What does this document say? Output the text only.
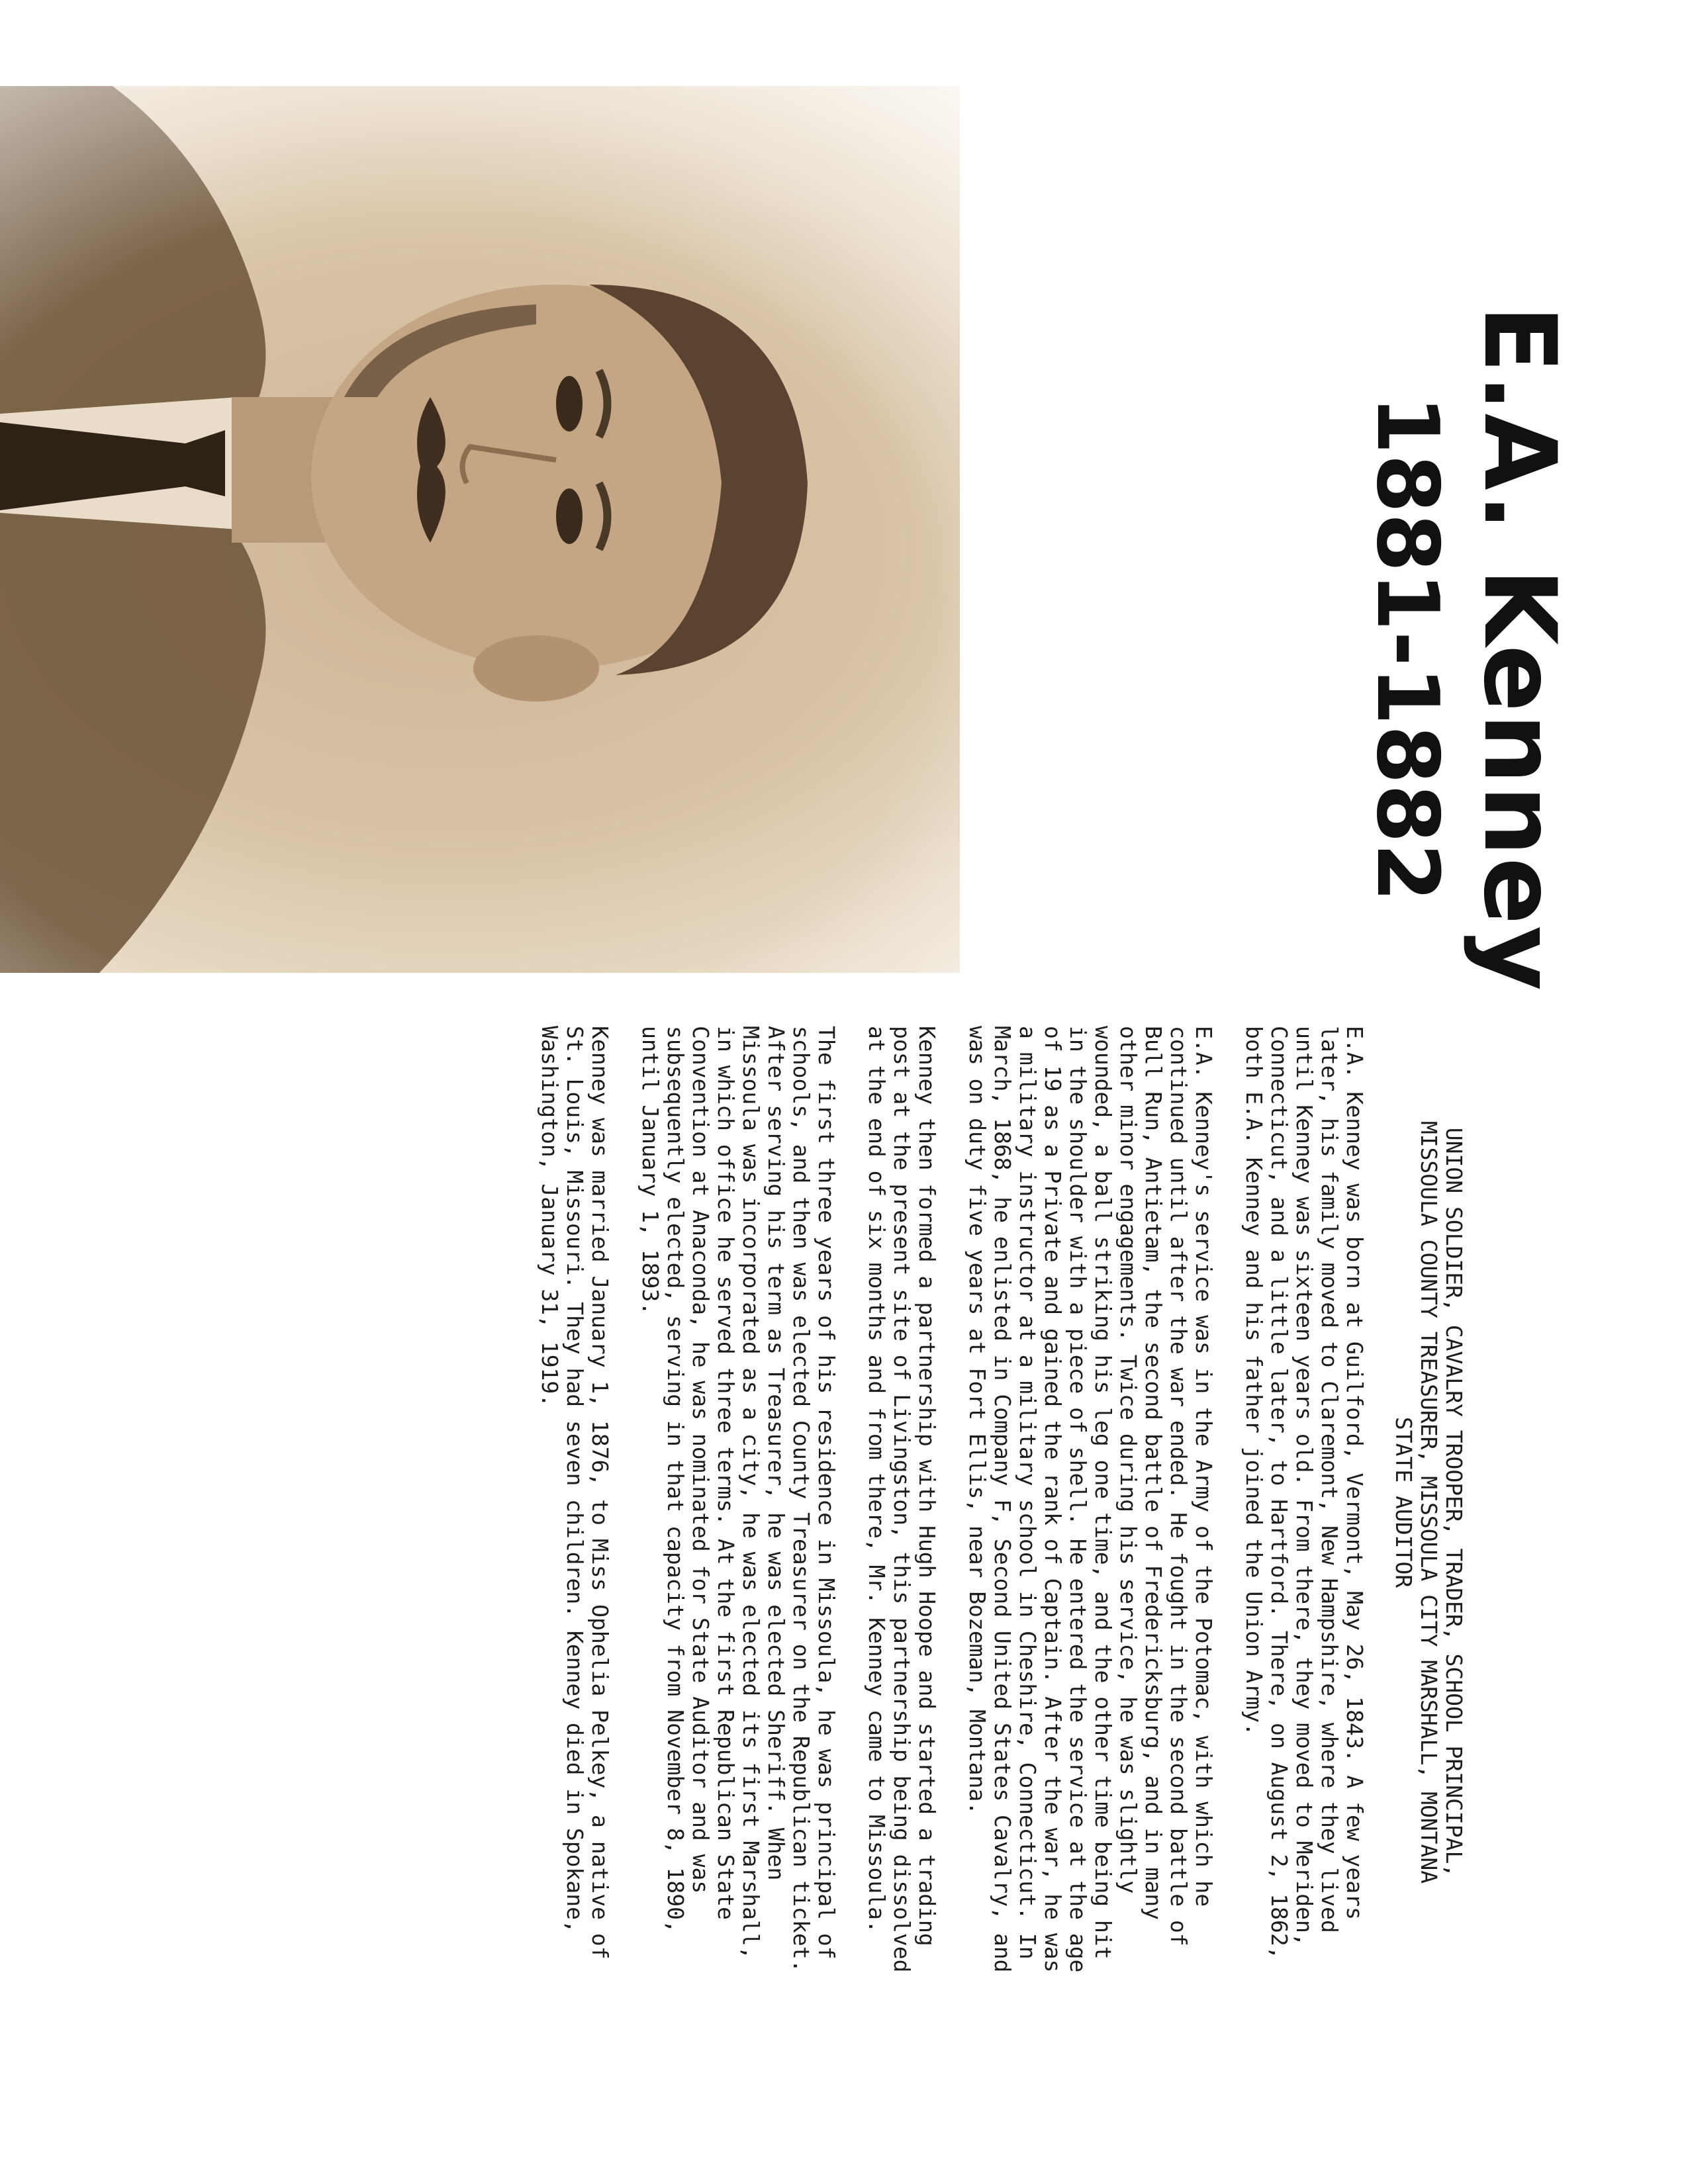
E.A. Kenney
1881-1882
UNION SOLDIER, CAVALRY TROOPER, TRADER, SCHOOL PRINCIPAL,
MISSOULA COUNTY TREASURER, MISSOULA CITY MARSHALL, MONTANA
STATE AUDITOR

E.A. Kenney was born at Guilford, Vermont, May 26, 1843. A few years later, his family moved to Claremont, New Hampshire, where they lived until Kenney was sixteen years old. From there, they moved to Meriden, Connecticut, and a little later, to Hartford. There, on August 2, 1862, both E.A. Kenney and his father joined the Union Army.

E.A. Kenney's service was in the Army of the Potomac, with which he continued until after the war ended. He fought in the second battle of Bull Run, Antietam, the second battle of Fredericksburg, and in many other minor engagements. Twice during his service, he was slightly wounded, a ball striking his leg one time, and the other time being hit in the shoulder with a piece of shell. He entered the service at the age of 19 as a Private and gained the rank of Captain. After the war, he was a military instructor at a military school in Cheshire, Connecticut. In March, 1868, he enlisted in Company F, Second United States Cavalry, and was on duty five years at Fort Ellis, near Bozeman, Montana.

Kenney then formed a partnership with Hugh Hoope and started a trading post at the present site of Livingston, this partnership being dissolved at the end of six months and from there, Mr. Kenney came to Missoula.

The first three years of his residence in Missoula, he was principal of schools, and then was elected County Treasurer on the Republican ticket. After serving his term as Treasurer, he was elected Sheriff. When Missoula was incorporated as a city, he was elected its first Marshall, in which office he served three terms. At the first Republican State Convention at Anaconda, he was nominated for State Auditor and was subsequently elected, serving in that capacity from November 8, 1890, until January 1, 1893.

Kenney was married January 1, 1876, to Miss Ophelia Pelkey, a native of St. Louis, Missouri. They had seven children. Kenney died in Spokane, Washington, January 31, 1919.
